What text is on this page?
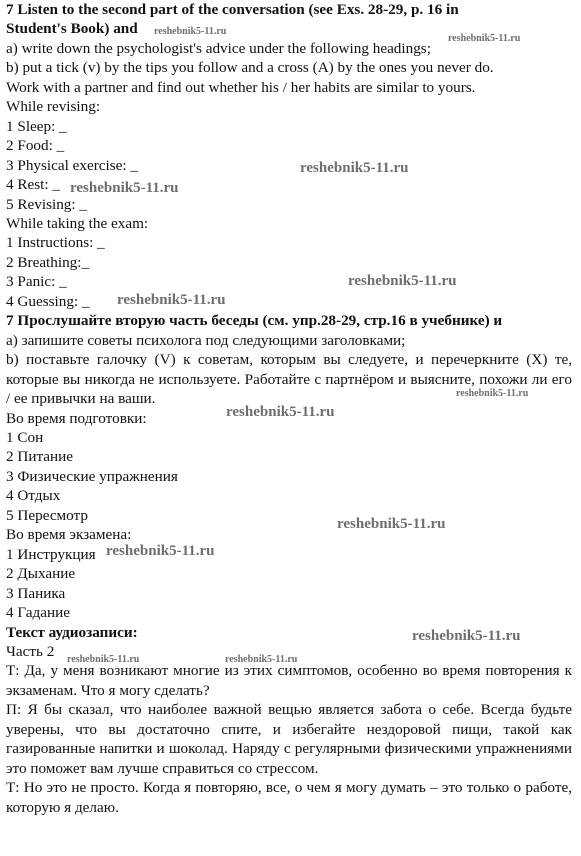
7 Listen to the second part of the conversation (see Exs. 28-29, p. 16 in
Student's Book) and
a) write down the psychologist's advice under the following headings;
b) put a tick (v) by the tips you follow and a cross (A) by the ones you never do.
Work with a partner and find out whether his / her habits are similar to yours.
While revising:
1 Sleep: _
2 Food: _
3 Physical exercise: _
4 Rest: _
5 Revising: _
While taking the exam:
1 Instructions: _
2 Breathing:_
3 Panic: _
4 Guessing: _
7 Прослушайте вторую часть беседы (см. упр.28-29, стр.16 в учебнике) и
а) запишите советы психолога под следующими заголовками;
b) поставьте галочку (V) к советам, которым вы следуете, и перечеркните (X) те, которые вы никогда не используете. Работайте с партнёром и выясните, похожи ли его / ее привычки на ваши.
Во время подготовки:
1 Сон
2 Питание
3 Физические упражнения
4 Отдых
5 Пересмотр
Во время экзамена:
1 Инструкция
2 Дыхание
3 Паника
4 Гадание
Текст аудиозаписи:
Часть 2
Т: Да, у меня возникают многие из этих симптомов, особенно во время повторения к экзаменам. Что я могу сделать?
П: Я бы сказал, что наиболее важной вещью является забота о себе. Всегда будьте уверены, что вы достаточно спите, и избегайте нездоровой пищи, такой как газированные напитки и шоколад. Наряду с регулярными физическими упражнениями это поможет вам лучше справиться со стрессом.
Т: Но это не просто. Когда я повторяю, все, о чем я могу думать – это только о работе, которую я делаю.
reshebnik5-11.ru
reshebnik5-11.ru
reshebnik5-11.ru
reshebnik5-11.ru
reshebnik5-11.ru
reshebnik5-11.ru
reshebnik5-11.ru
reshebnik5-11.ru
reshebnik5-11.ru
reshebnik5-11.ru
reshebnik5-11.ru
reshebnik5-11.ru	reshebnik5-11.ru
